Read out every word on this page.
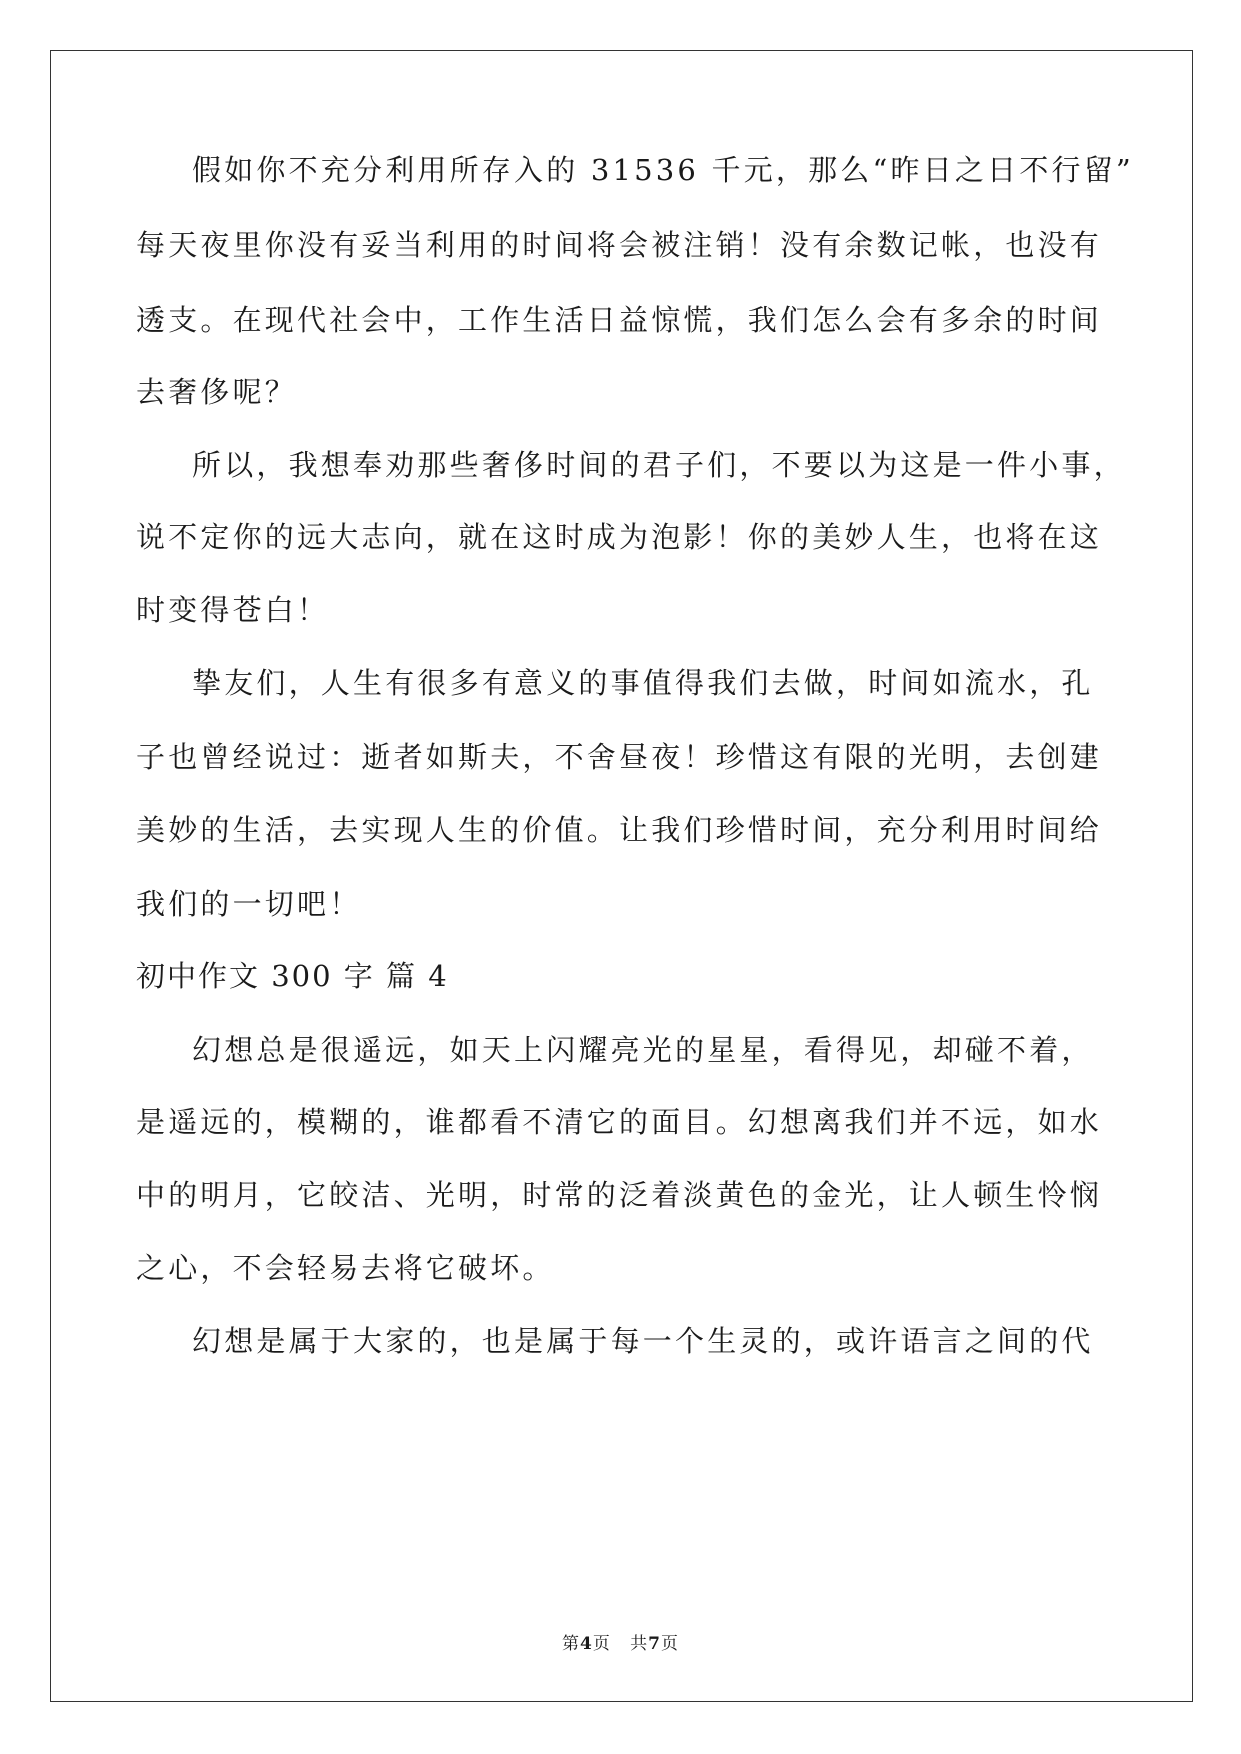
假如你不充分利用所存入的 31536 千元，那么“昨日之日不行留”
每天夜里你没有妥当利用的时间将会被注销！没有余数记帐，也没有
透支。在现代社会中，工作生活日益惊慌，我们怎么会有多余的时间
去奢侈呢？
所以，我想奉劝那些奢侈时间的君子们，不要以为这是一件小事，
说不定你的远大志向，就在这时成为泡影！你的美妙人生，也将在这
时变得苍白！
挚友们，人生有很多有意义的事值得我们去做，时间如流水，孔
子也曾经说过：逝者如斯夫，不舍昼夜！珍惜这有限的光明，去创建
美妙的生活，去实现人生的价值。让我们珍惜时间，充分利用时间给
我们的一切吧！
初中作文 300 字 篇 4
幻想总是很遥远，如天上闪耀亮光的星星，看得见，却碰不着，
是遥远的，模糊的，谁都看不清它的面目。幻想离我们并不远，如水
中的明月，它皎洁、光明，时常的泛着淡黄色的金光，让人顿生怜悯
之心，不会轻易去将它破坏。
幻想是属于大家的，也是属于每一个生灵的，或许语言之间的代
第4页   共7页
